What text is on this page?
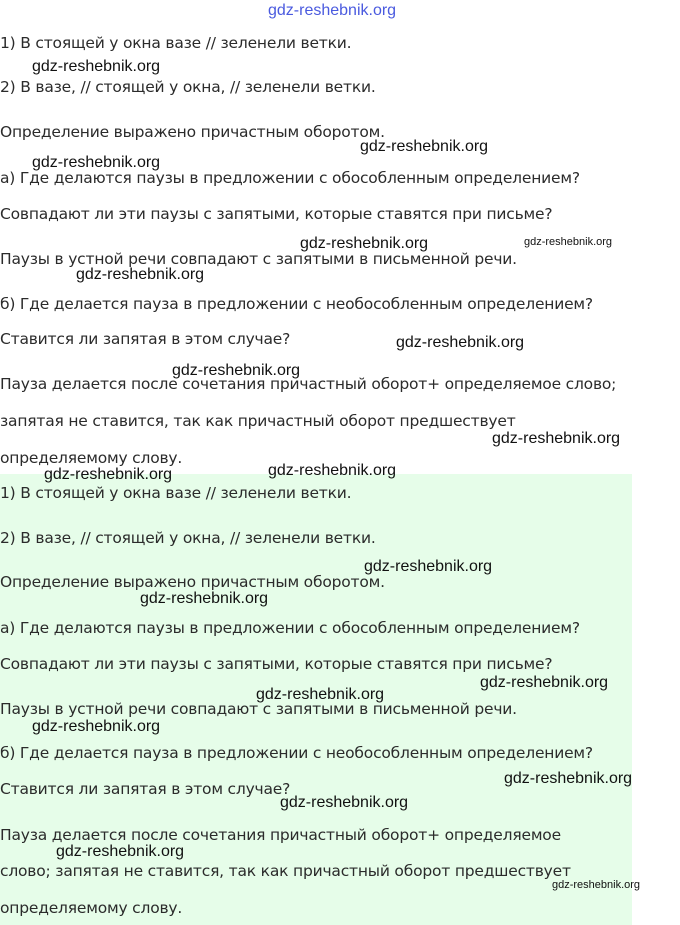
gdz-reshebnik.org
1) В стоящей у окна вазе // зеленели ветки.
2) В вазе, // стоящей у окна, // зеленели ветки.
Определение выражено причастным оборотом.
а) Где делаются паузы в предложении с обособленным определением?
Совпадают ли эти паузы с запятыми, которые ставятся при письме?
Паузы в устной речи совпадают с запятыми в письменной речи.
б) Где делается пауза в предложении с необособленным определением?
Ставится ли запятая в этом случае?
Пауза делается после сочетания причастный оборот+ определяемое слово;
запятая не ставится, так как причастный оборот предшествует
определяемому слову.
1) В стоящей у окна вазе // зеленели ветки.
2) В вазе, // стоящей у окна, // зеленели ветки.
Определение выражено причастным оборотом.
а) Где делаются паузы в предложении с обособленным определением?
Совпадают ли эти паузы с запятыми, которые ставятся при письме?
Паузы в устной речи совпадают с запятыми в письменной речи.
б) Где делается пауза в предложении с необособленным определением?
Ставится ли запятая в этом случае?
Пауза делается после сочетания причастный оборот+ определяемое
слово; запятая не ставится, так как причастный оборот предшествует
определяемому слову.
gdz-reshebnik.org
gdz-reshebnik.org
gdz-reshebnik.org
gdz-reshebnik.org	gdz-reshebnik.org
gdz-reshebnik.org
gdz-reshebnik.org
gdz-reshebnik.org
gdz-reshebnik.org
gdz-reshebnik.org
gdz-reshebnik.org
gdz-reshebnik.org
gdz-reshebnik.org
gdz-reshebnik.org
gdz-reshebnik.org
gdz-reshebnik.org
gdz-reshebnik.org
gdz-reshebnik.org
gdz-reshebnik.org
gdz-reshebnik.org
